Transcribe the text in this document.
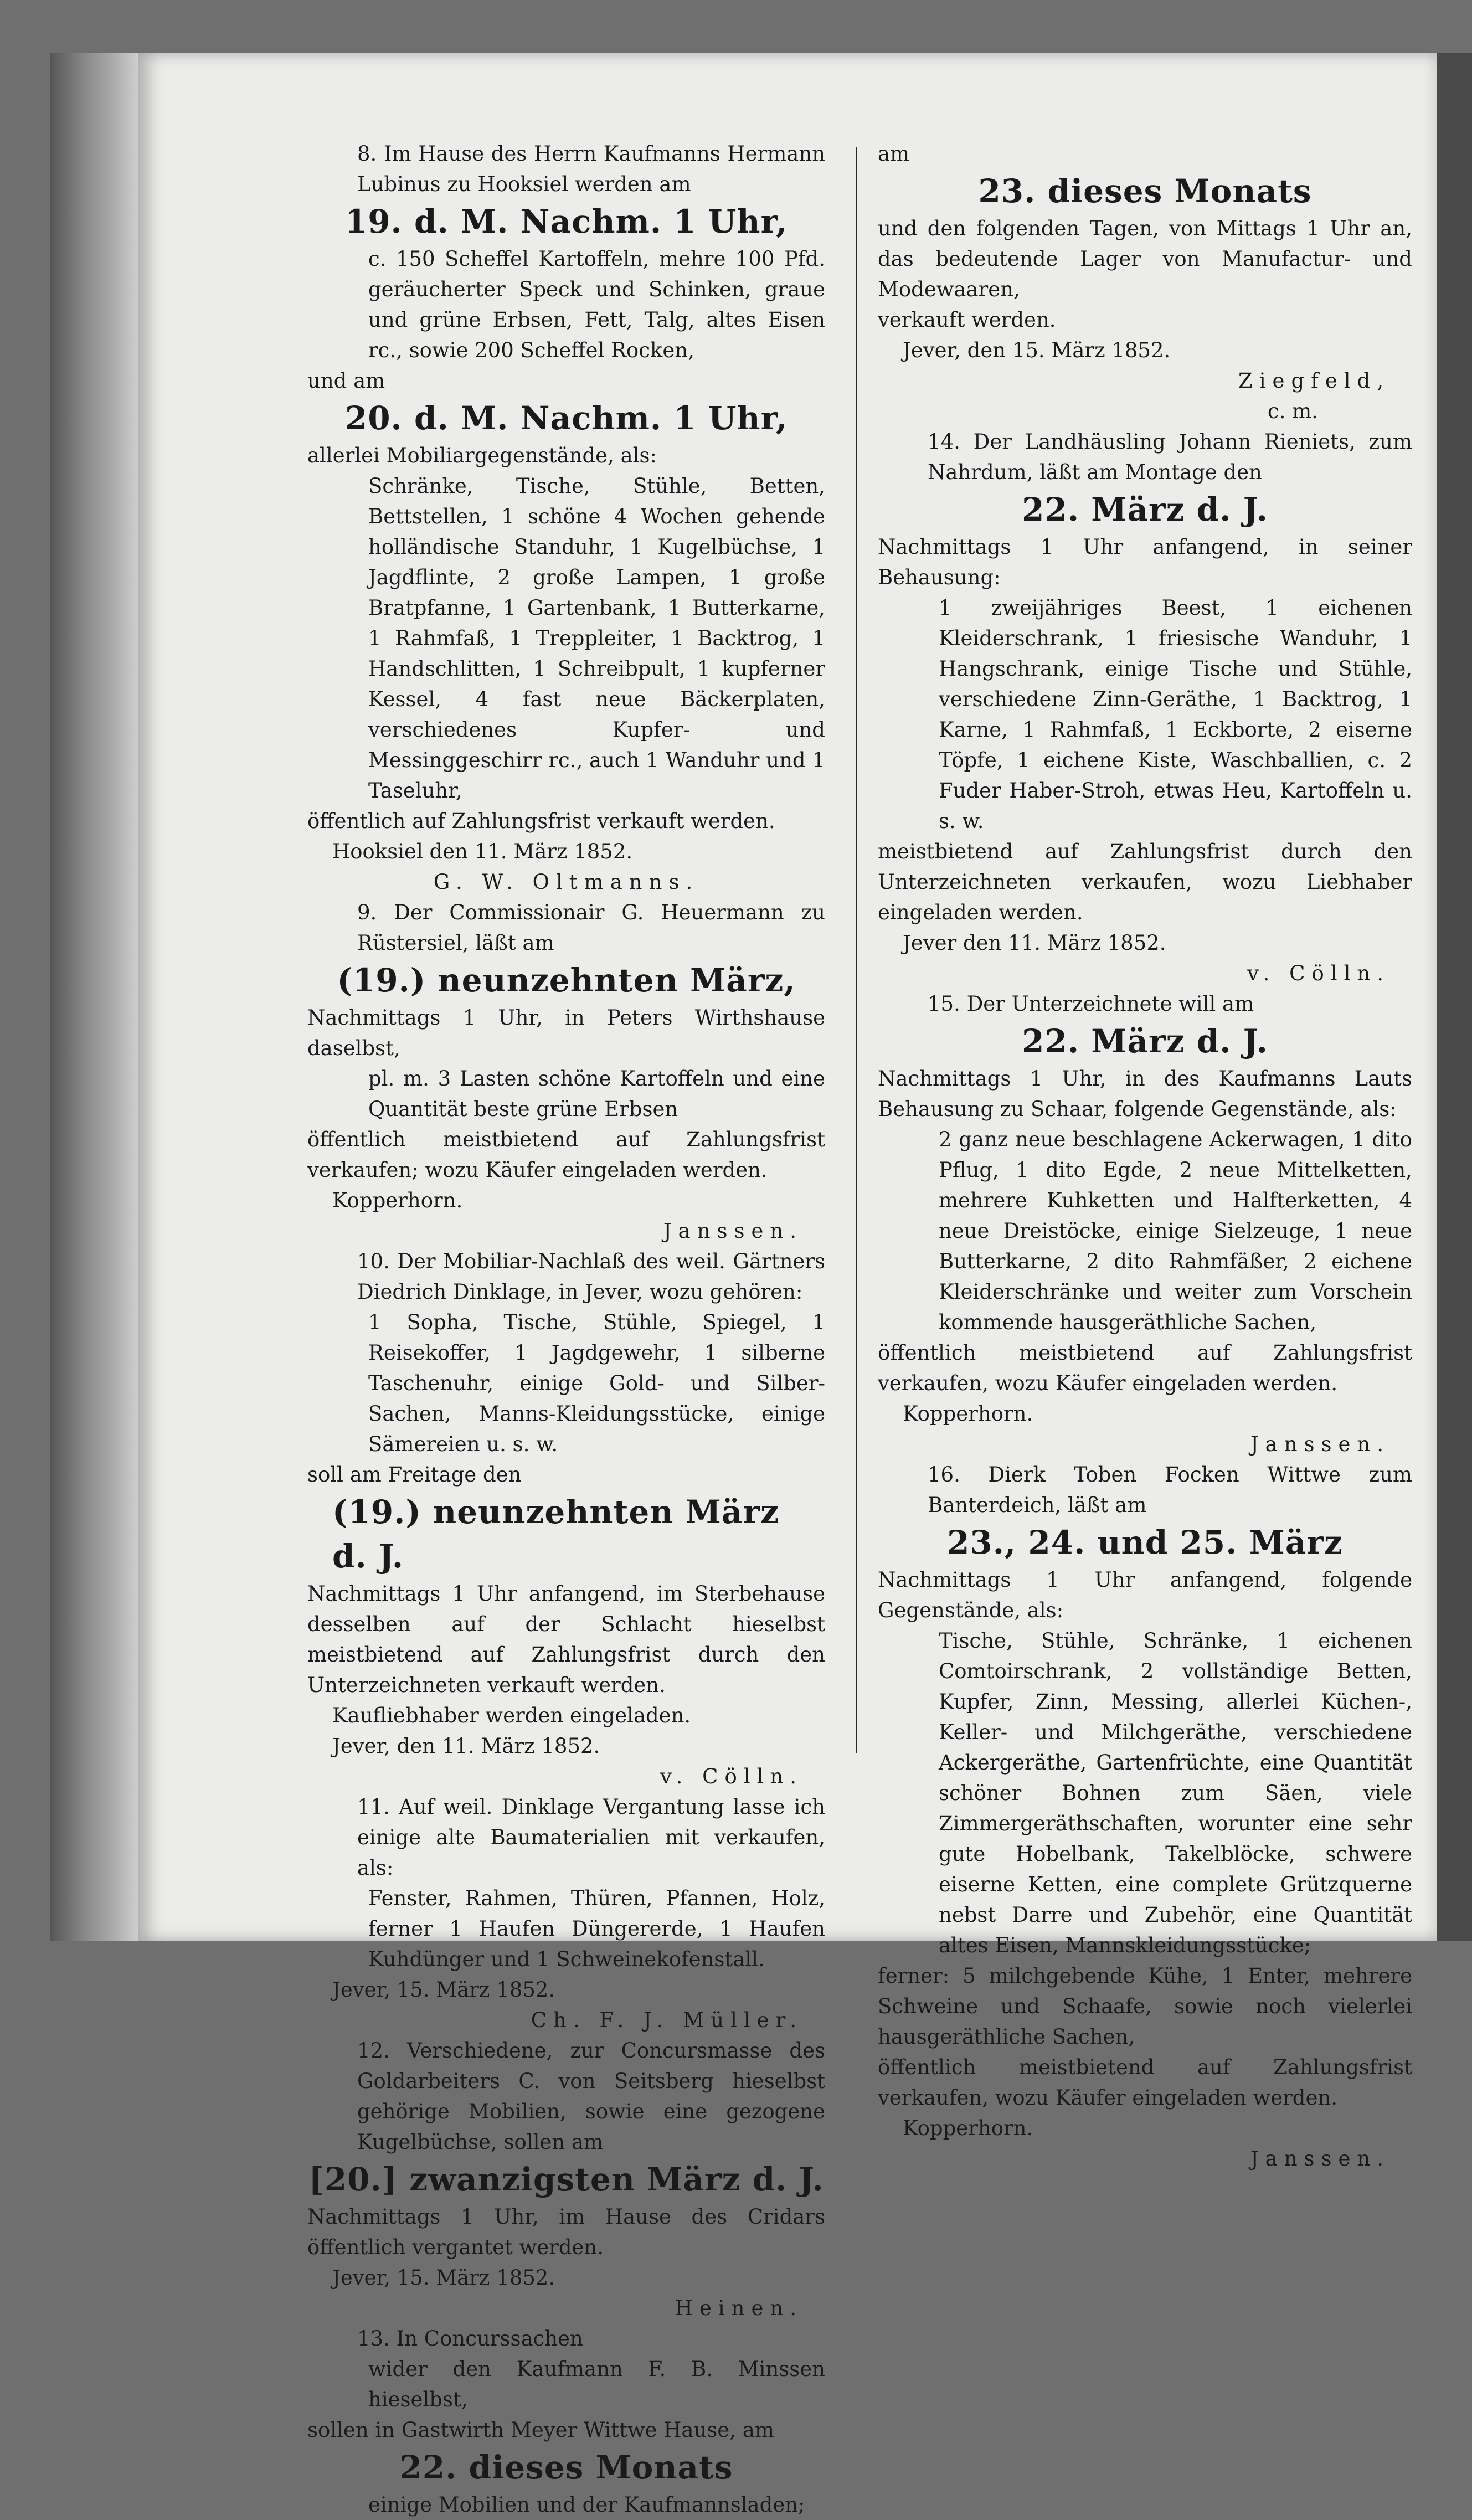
8. Im Hause des Herrn Kaufmanns Hermann Lubinus zu Hooksiel werden am

19. d. M. Nachm. 1 Uhr,

c. 150 Scheffel Kartoffeln, mehre 100 Pfd. geräucherter Speck und Schinken, graue und grüne Erbsen, Fett, Talg, altes Eisen rc., sowie 200 Scheffel Rocken,

und am

20. d. M. Nachm. 1 Uhr,

allerlei Mobiliargegenstände, als:

Schränke, Tische, Stühle, Betten, Bettstellen, 1 schöne 4 Wochen gehende holländische Standuhr, 1 Kugelbüchse, 1 Jagdflinte, 2 große Lampen, 1 große Bratpfanne, 1 Gartenbank, 1 Butterkarne, 1 Rahmfaß, 1 Treppleiter, 1 Backtrog, 1 Handschlitten, 1 Schreibpult, 1 kupferner Kessel, 4 fast neue Bäckerplaten, verschiedenes Kupfer- und Messinggeschirr rc., auch 1 Wanduhr und 1 Taseluhr,

öffentlich auf Zahlungsfrist verkauft werden.

Hooksiel den 11. März 1852.

G. W. Oltmanns.

9. Der Commissionair G. Heuermann zu Rüstersiel, läßt am

(19.) neunzehnten März,

Nachmittags 1 Uhr, in Peters Wirthshause daselbst,

pl. m. 3 Lasten schöne Kartoffeln und eine Quantität beste grüne Erbsen

öffentlich meistbietend auf Zahlungsfrist verkaufen; wozu Käufer eingeladen werden.

Kopperhorn.

Janssen.

10. Der Mobiliar-Nachlaß des weil. Gärtners Diedrich Dinklage, in Jever, wozu gehören:

1 Sopha, Tische, Stühle, Spiegel, 1 Reisekoffer, 1 Jagdgewehr, 1 silberne Taschenuhr, einige Gold- und Silber-Sachen, Manns-Kleidungsstücke, einige Sämereien u. s. w.

soll am Freitage den

(19.) neunzehnten März d. J.

Nachmittags 1 Uhr anfangend, im Sterbehause desselben auf der Schlacht hieselbst meistbietend auf Zahlungsfrist durch den Unterzeichneten verkauft werden.

Kaufliebhaber werden eingeladen.

Jever, den 11. März 1852.

v. Cölln.

11. Auf weil. Dinklage Vergantung lasse ich einige alte Baumaterialien mit verkaufen, als:

Fenster, Rahmen, Thüren, Pfannen, Holz, ferner 1 Haufen Düngererde, 1 Haufen Kuhdünger und 1 Schweinekofenstall.

Jever, 15. März 1852.

Ch. F. J. Müller.

12. Verschiedene, zur Concursmasse des Goldarbeiters C. von Seitsberg hieselbst gehörige Mobilien, sowie eine gezogene Kugelbüchse, sollen am

[20.] zwanzigsten März d. J.

Nachmittags 1 Uhr, im Hause des Cridars öffentlich vergantet werden.

Jever, 15. März 1852.

Heinen.

13. In Concurssachen

wider den Kaufmann F. B. Minssen hieselbst,

sollen in Gastwirth Meyer Wittwe Hause, am

22. dieses Monats

einige Mobilien und der Kaufmannsladen;

am

23. dieses Monats

und den folgenden Tagen, von Mittags 1 Uhr an, das bedeutende Lager von Manufactur- und Modewaaren,

verkauft werden.

Jever, den 15. März 1852.

Ziegfeld,

c. m.

14. Der Landhäusling Johann Rieniets, zum Nahrdum, läßt am Montage den

22. März d. J.

Nachmittags 1 Uhr anfangend, in seiner Behausung:

1 zweijähriges Beest, 1 eichenen Kleiderschrank, 1 friesische Wanduhr, 1 Hangschrank, einige Tische und Stühle, verschiedene Zinn-Geräthe, 1 Backtrog, 1 Karne, 1 Rahmfaß, 1 Eckborte, 2 eiserne Töpfe, 1 eichene Kiste, Waschballien, c. 2 Fuder Haber-Stroh, etwas Heu, Kartoffeln u. s. w.

meistbietend auf Zahlungsfrist durch den Unterzeichneten verkaufen, wozu Liebhaber eingeladen werden.

Jever den 11. März 1852.

v. Cölln.

15. Der Unterzeichnete will am

22. März d. J.

Nachmittags 1 Uhr, in des Kaufmanns Lauts Behausung zu Schaar, folgende Gegenstände, als:

2 ganz neue beschlagene Ackerwagen, 1 dito Pflug, 1 dito Egde, 2 neue Mittelketten, mehrere Kuhketten und Halfterketten, 4 neue Dreistöcke, einige Sielzeuge, 1 neue Butterkarne, 2 dito Rahmfäßer, 2 eichene Kleiderschränke und weiter zum Vorschein kommende hausgeräthliche Sachen,

öffentlich meistbietend auf Zahlungsfrist verkaufen, wozu Käufer eingeladen werden.

Kopperhorn.

Janssen.

16. Dierk Toben Focken Wittwe zum Banterdeich, läßt am

23., 24. und 25. März

Nachmittags 1 Uhr anfangend, folgende Gegenstände, als:

Tische, Stühle, Schränke, 1 eichenen Comtoirschrank, 2 vollständige Betten, Kupfer, Zinn, Messing, allerlei Küchen-, Keller- und Milchgeräthe, verschiedene Ackergeräthe, Gartenfrüchte, eine Quantität schöner Bohnen zum Säen, viele Zimmergeräthschaften, worunter eine sehr gute Hobelbank, Takelblöcke, schwere eiserne Ketten, eine complete Grützquerne nebst Darre und Zubehör, eine Quantität altes Eisen, Mannskleidungsstücke;

ferner: 5 milchgebende Kühe, 1 Enter, mehrere Schweine und Schaafe, sowie noch vielerlei hausgeräthliche Sachen,

öffentlich meistbietend auf Zahlungsfrist verkaufen, wozu Käufer eingeladen werden.

Kopperhorn.

Janssen.
